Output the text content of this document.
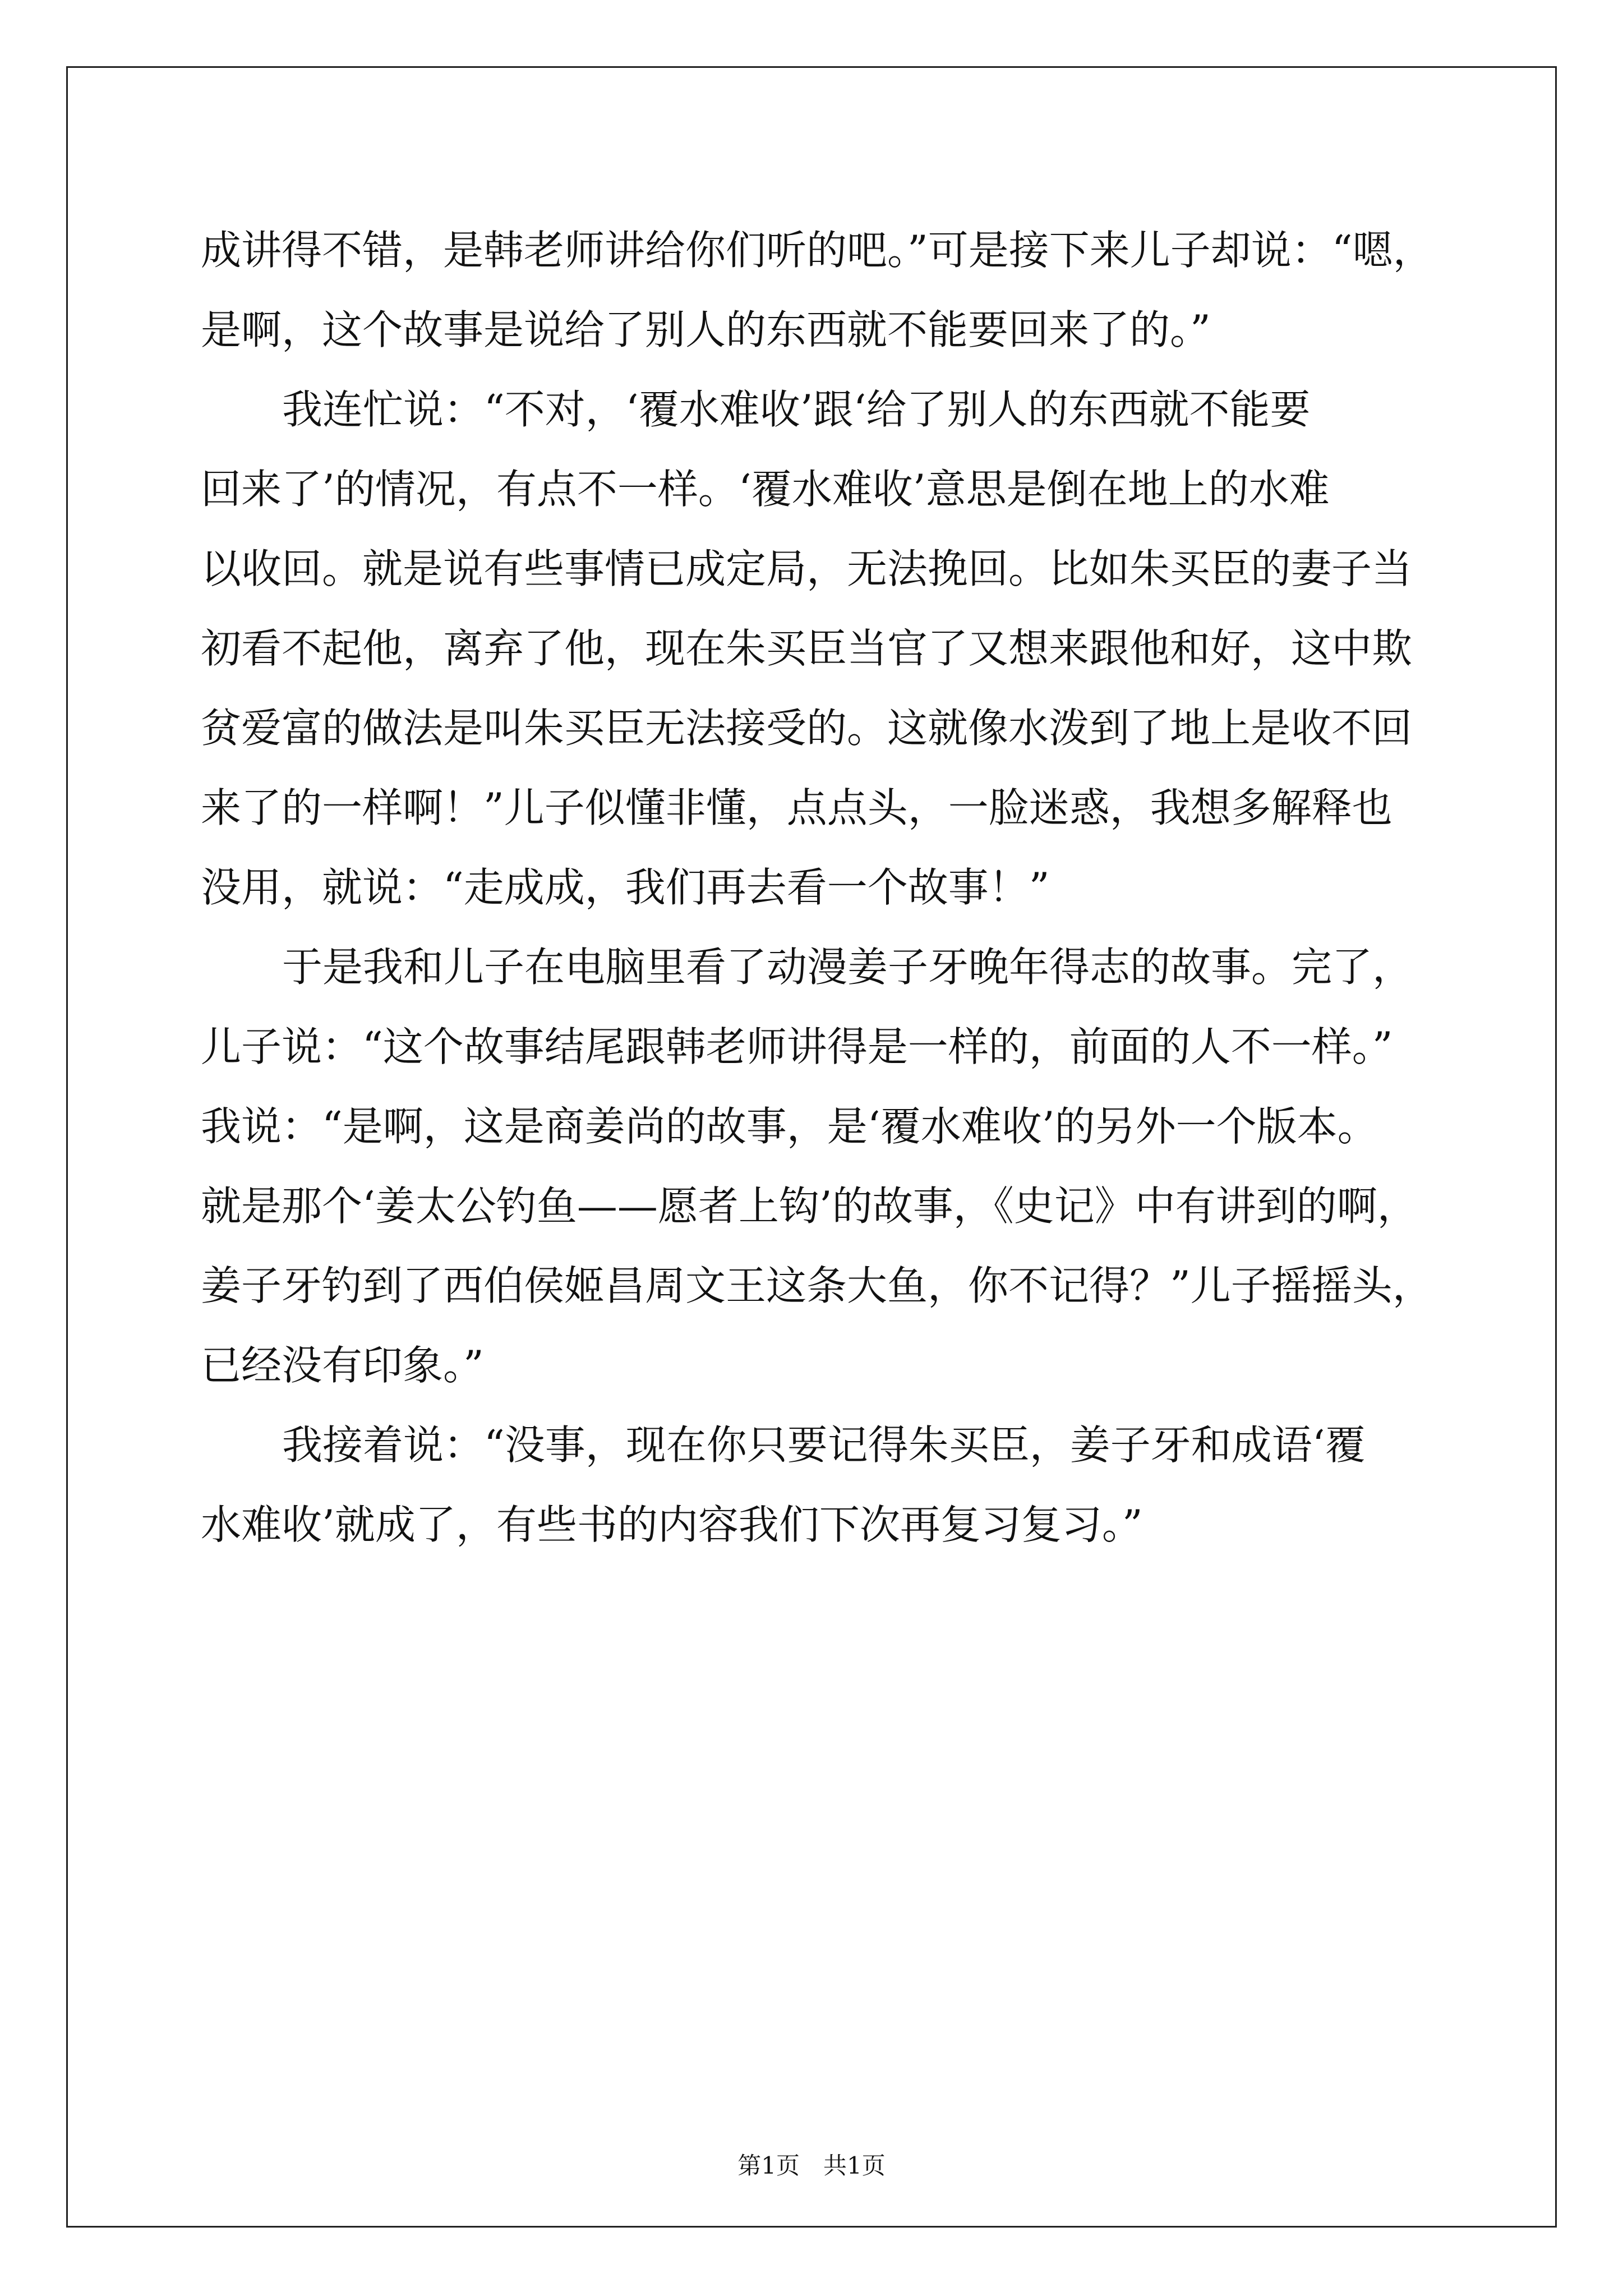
成讲得不错，是韩老师讲给你们听的吧。”可是接下来儿子却说：“嗯，
是啊，这个故事是说给了别人的东西就不能要回来了的。”
我连忙说：“不对，‘覆水难收’跟‘给了别人的东西就不能要
回来了’的情况，有点不一样。‘覆水难收’意思是倒在地上的水难
以收回。就是说有些事情已成定局，无法挽回。比如朱买臣的妻子当
初看不起他，离弃了他，现在朱买臣当官了又想来跟他和好，这中欺
贫爱富的做法是叫朱买臣无法接受的。这就像水泼到了地上是收不回
来了的一样啊！”儿子似懂非懂，点点头，一脸迷惑，我想多解释也
没用，就说：“走成成，我们再去看一个故事！”
于是我和儿子在电脑里看了动漫姜子牙晚年得志的故事。完了，
儿子说：“这个故事结尾跟韩老师讲得是一样的，前面的人不一样。”
我说：“是啊，这是商姜尚的故事，是‘覆水难收’的另外一个版本。
就是那个‘姜太公钓鱼——愿者上钩’的故事，《史记》中有讲到的啊，
姜子牙钓到了西伯侯姬昌周文王这条大鱼，你不记得？”儿子摇摇头，
已经没有印象。”
我接着说：“没事，现在你只要记得朱买臣，姜子牙和成语‘覆
水难收’就成了，有些书的内容我们下次再复习复习。”
第1页　共1页
